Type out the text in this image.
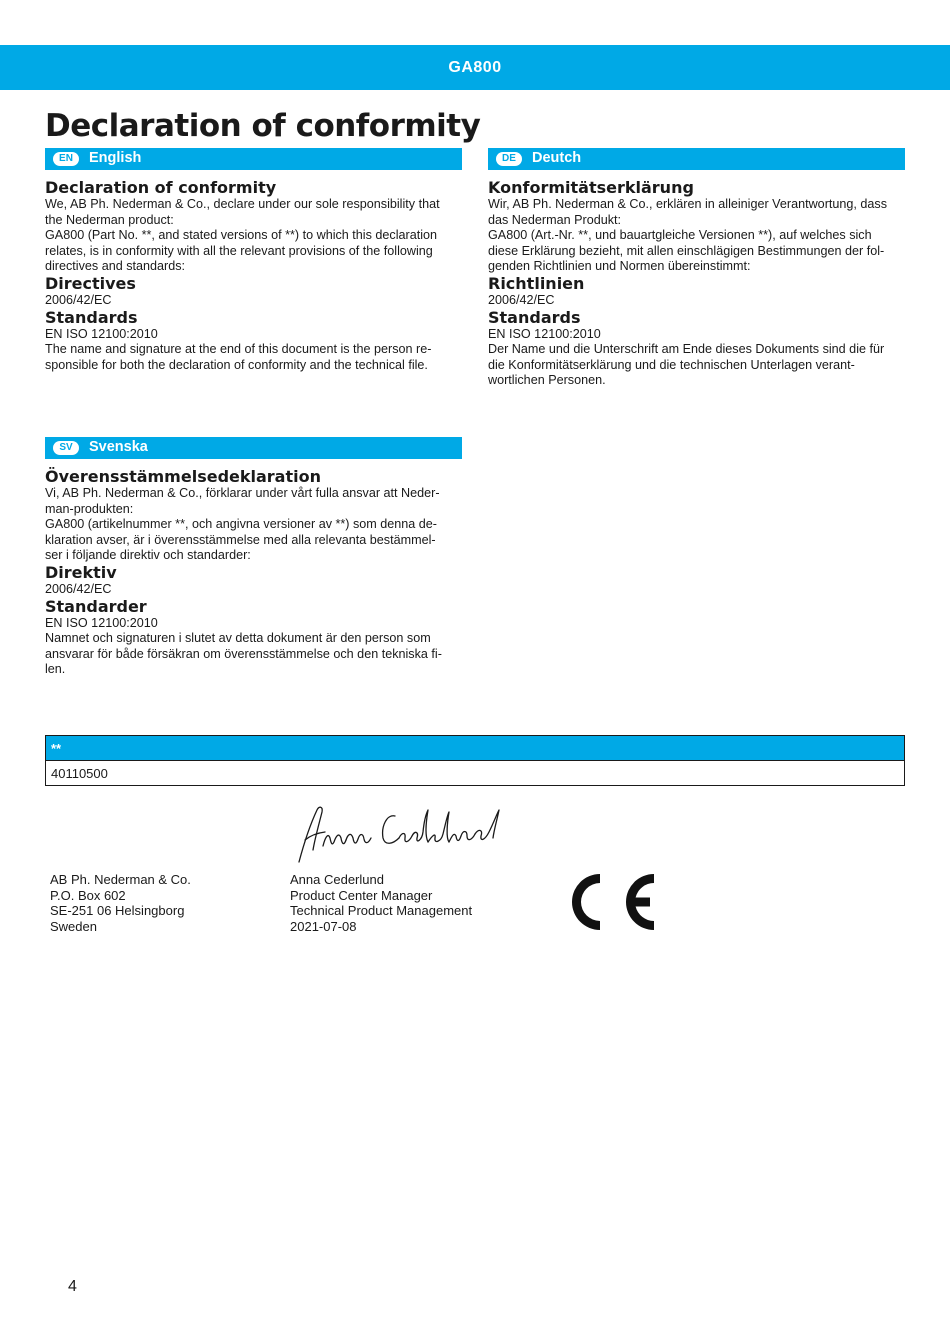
GA800
Declaration of conformity
EN	English

Declaration of conformity

We, AB Ph. Nederman & Co., declare under our sole responsibility that

the Nederman product:

GA800 (Part No. **, and stated versions of **) to which this declaration

relates, is in conformity with all the relevant provisions of the following

directives and standards:

Directives

2006/42/EC

Standards

EN ISO 12100:2010

The name and signature at the end of this document is the person re-

sponsible for both the declaration of conformity and the technical file.

DE	Deutch

Konformitätserklärung

Wir, AB Ph. Nederman & Co., erklären in alleiniger Verantwortung, dass

das Nederman Produkt:

GA800 (Art.-Nr. **, und bauartgleiche Versionen **), auf welches sich

diese Erklärung bezieht, mit allen einschlägigen Bestimmungen der fol-

genden Richtlinien und Normen übereinstimmt:

Richtlinien

2006/42/EC

Standards

EN ISO 12100:2010

Der Name und die Unterschrift am Ende dieses Dokuments sind die für

die Konformitätserklärung und die technischen Unterlagen verant-

wortlichen Personen.

SV	Svenska

Överensstämmelsedeklaration

Vi, AB Ph. Nederman & Co., förklarar under vårt fulla ansvar att Neder-

man-produkten:

GA800 (artikelnummer **, och angivna versioner av **) som denna de-

klaration avser, är i överensstämmelse med alla relevanta bestämmel-

ser i följande direktiv och standarder:

Direktiv

2006/42/EC

Standarder

EN ISO 12100:2010

Namnet och signaturen i slutet av detta dokument är den person som

ansvarar för både försäkran om överensstämmelse och den tekniska fi-

len.

**
40110500
AB Ph. Nederman & Co.
P.O. Box 602
SE-251 06 Helsingborg
Sweden
Anna Cederlund
Product Center Manager
Technical Product Management
2021-07-08
4
